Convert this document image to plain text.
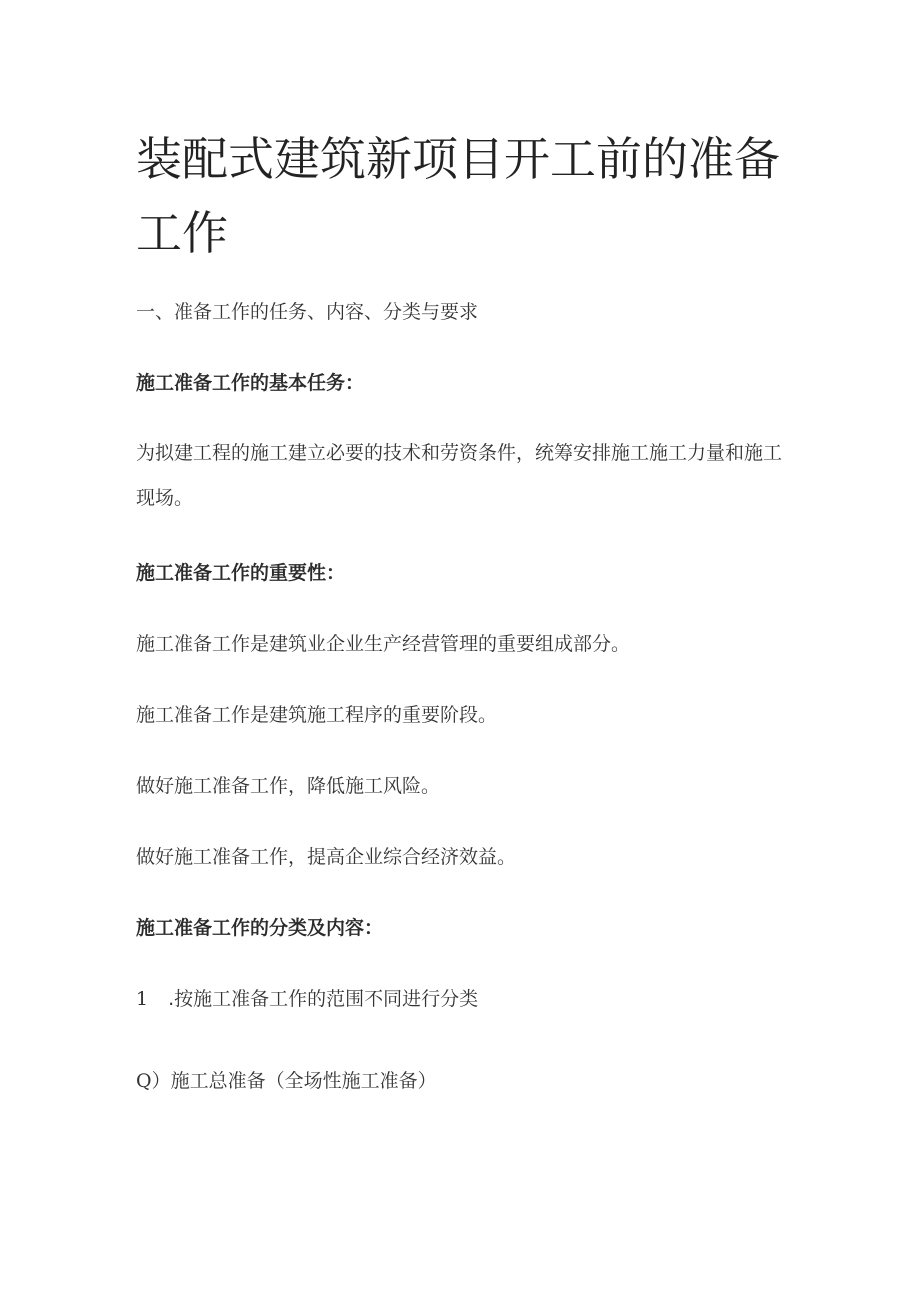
装配式建筑新项目开工前的准备工作

一、准备工作的任务、内容、分类与要求

施工准备工作的基本任务：

为拟建工程的施工建立必要的技术和劳资条件，统筹安排施工施工力量和施工现场。

施工准备工作的重要性：

施工准备工作是建筑业企业生产经营管理的重要组成部分。

施工准备工作是建筑施工程序的重要阶段。

做好施工准备工作，降低施工风险。

做好施工准备工作，提高企业综合经济效益。

施工准备工作的分类及内容：

1 .按施工准备工作的范围不同进行分类

Q）施工总准备（全场性施工准备）
